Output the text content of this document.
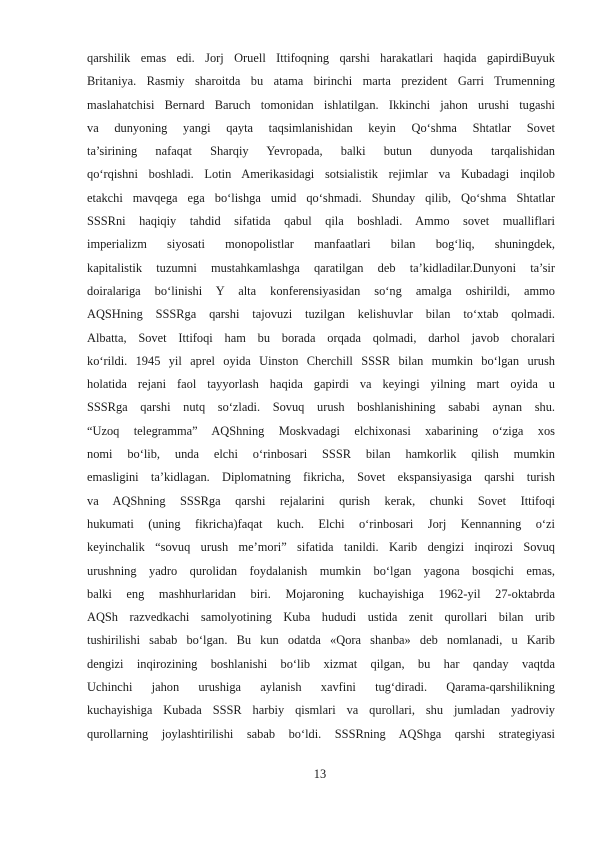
qarshilik emas edi. Jorj Oruell Ittifoqning qarshi harakatlari haqida gapirdiBuyuk
Britaniya. Rasmiy sharoitda bu atama birinchi marta prezident Garri Trumenning
maslahatchisi Bernard Baruch tomonidan ishlatilgan. Ikkinchi jahon urushi tugashi
va dunyoning yangi qayta taqsimlanishidan keyin Qo‘shma Shtatlar Sovet
ta’sirining nafaqat Sharqiy Yevropada, balki butun dunyoda tarqalishidan
qo‘rqishni boshladi. Lotin Amerikasidagi sotsialistik rejimlar va Kubadagi inqilob
etakchi mavqega ega bo‘lishga umid qo‘shmadi. Shunday qilib, Qo‘shma Shtatlar
SSSRni haqiqiy tahdid sifatida qabul qila boshladi. Ammo sovet mualliflari
imperializm siyosati monopolistlar manfaatlari bilan bog‘liq, shuningdek,
kapitalistik tuzumni mustahkamlashga qaratilgan deb ta’kidladilar.Dunyoni ta’sir
doiralariga bo‘linishi Y alta konferensiyasidan so‘ng amalga oshirildi, ammo
AQSHning SSSRga qarshi tajovuzi tuzilgan kelishuvlar bilan to‘xtab qolmadi.
Albatta, Sovet Ittifoqi ham bu borada orqada qolmadi, darhol javob choralari
ko‘rildi. 1945 yil aprel oyida Uinston Cherchill SSSR bilan mumkin bo‘lgan urush
holatida rejani faol tayyorlash haqida gapirdi va keyingi yilning mart oyida u
SSSRga qarshi nutq so‘zladi. Sovuq urush boshlanishining sababi aynan shu.
“Uzoq telegramma” AQShning Moskvadagi elchixonasi xabarining o‘ziga xos
nomi bo‘lib, unda elchi o‘rinbosari SSSR bilan hamkorlik qilish mumkin
emasligini ta’kidlagan. Diplomatning fikricha, Sovet ekspansiyasiga qarshi turish
va AQShning SSSRga qarshi rejalarini qurish kerak, chunki Sovet Ittifoqi
hukumati (uning fikricha)faqat kuch. Elchi o‘rinbosari Jorj Kennanning o‘zi
keyinchalik “sovuq urush me’mori” sifatida tanildi. Karib dengizi inqirozi Sovuq
urushning yadro qurolidan foydalanish mumkin bo‘lgan yagona bosqichi emas,
balki eng mashhurlaridan biri. Mojaroning kuchayishiga 1962-yil 27-oktabrda
AQSh razvedkachi samolyotining Kuba hududi ustida zenit qurollari bilan urib
tushirilishi sabab bo‘lgan. Bu kun odatda «Qora shanba» deb nomlanadi, u Karib
dengizi inqirozining boshlanishi bo‘lib xizmat qilgan, bu har qanday vaqtda
Uchinchi jahon urushiga aylanish xavfini tug‘diradi. Qarama-qarshilikning
kuchayishiga Kubada SSSR harbiy qismlari va qurollari, shu jumladan yadroviy
qurollarning joylashtirilishi sabab bo‘ldi. SSSRning AQShga qarshi strategiyasi
13
